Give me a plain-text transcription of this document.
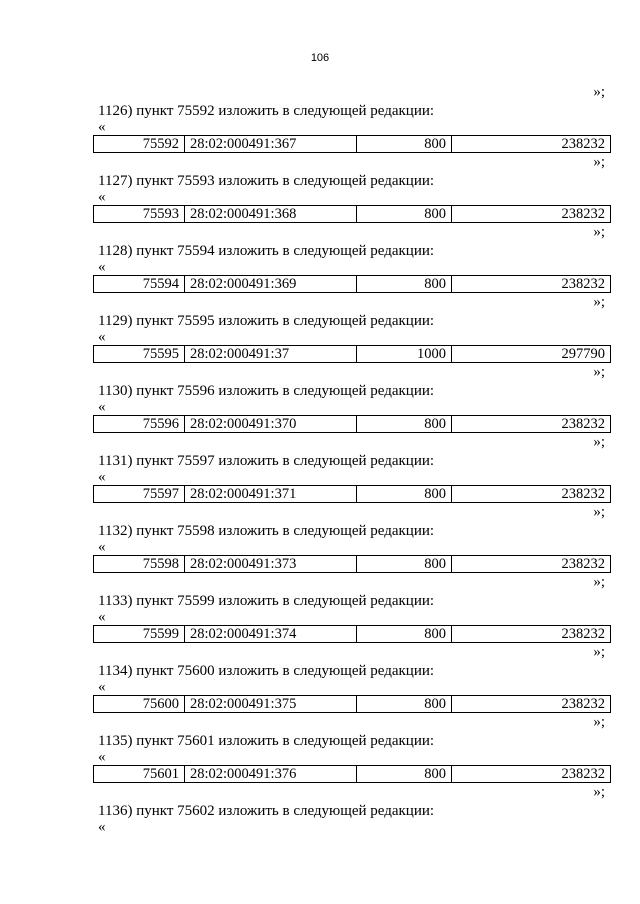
106
»;
1126) пункт 75592 изложить в следующей редакции:
«
75592	28:02:000491:367	800	238232
»;
1127) пункт 75593 изложить в следующей редакции:
«
75593	28:02:000491:368	800	238232
»;
1128) пункт 75594 изложить в следующей редакции:
«
75594	28:02:000491:369	800	238232
»;
1129) пункт 75595 изложить в следующей редакции:
«
75595	28:02:000491:37	1000	297790
»;
1130) пункт 75596 изложить в следующей редакции:
«
75596	28:02:000491:370	800	238232
»;
1131) пункт 75597 изложить в следующей редакции:
«
75597	28:02:000491:371	800	238232
»;
1132) пункт 75598 изложить в следующей редакции:
«
75598	28:02:000491:373	800	238232
»;
1133) пункт 75599 изложить в следующей редакции:
«
75599	28:02:000491:374	800	238232
»;
1134) пункт 75600 изложить в следующей редакции:
«
75600	28:02:000491:375	800	238232
»;
1135) пункт 75601 изложить в следующей редакции:
«
75601	28:02:000491:376	800	238232
»;
1136) пункт 75602 изложить в следующей редакции:
«
